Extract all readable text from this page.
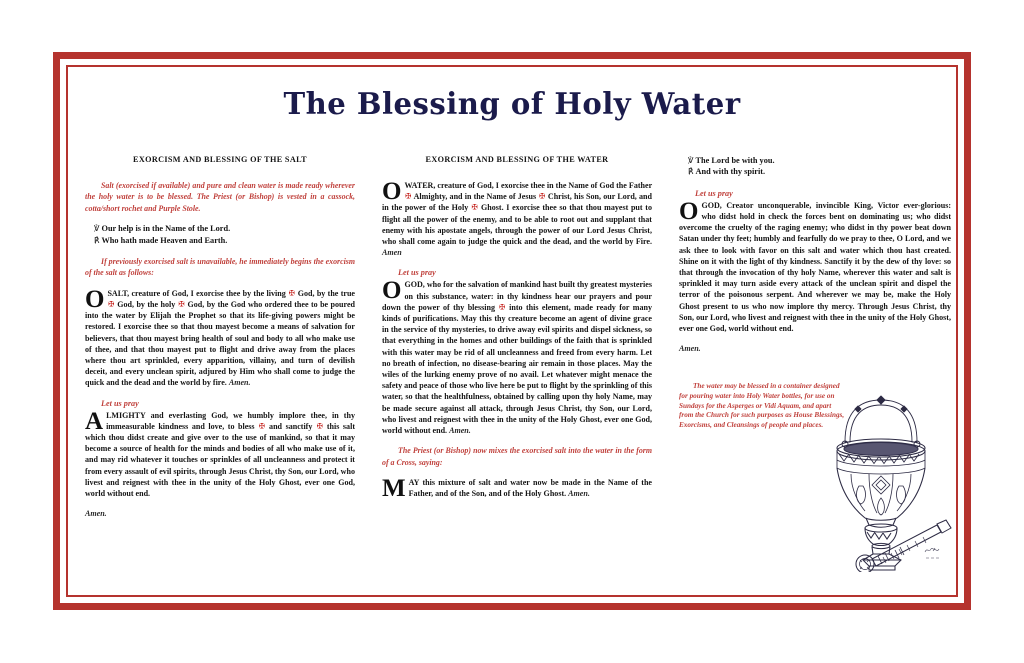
The Blessing of Holy Water
EXORCISM AND BLESSING OF THE SALT

Salt (exorcised if available) and pure and clean water is made ready wherever the holy water is to be blessed. The Priest (or Bishop) is vested in a cassock, cotta/short rochet and Purple Stole.

℣ Our help is in the Name of the Lord.
℟ Who hath made Heaven and Earth.

If previously exorcised salt is unavailable, he immediately begins the exorcism of the salt as follows:

OSALT, creature of God, I exorcise thee by the living ✠ God, by the true ✠ God, by the holy ✠ God, by the God who ordered thee to be poured into the water by Elijah the Prophet so that its life-giving powers might be restored. I exorcise thee so that thou mayest become a means of salvation for believers, that thou mayest bring health of soul and body to all who make use of thee, and that thou mayest put to flight and drive away from the places where thou art sprinkled, every apparition, villainy, and turn of devilish deceit, and every unclean spirit, adjured by Him who shall come to judge the quick and the dead and the world by fire. Amen.

Let us pray

ALMIGHTY and everlasting God, we humbly implore thee, in thy immeasurable kindness and love, to bless ✠ and sanctify ✠ this salt which thou didst create and give over to the use of mankind, so that it may become a source of health for the minds and bodies of all who make use of it, and may rid whatever it touches or sprinkles of all uncleanness and protect it from every assault of evil spirits, through Jesus Christ, thy Son, our Lord, who livest and reignest with thee in the unity of the Holy Ghost, ever one God, world without end.

Amen.
EXORCISM AND BLESSING OF THE WATER

OWATER, creature of God, I exorcise thee in the Name of God the Father ✠ Almighty, and in the Name of Jesus ✠ Christ, his Son, our Lord, and in the power of the Holy ✠ Ghost. I exorcise thee so that thou mayest put to flight all the power of the enemy, and to be able to root out and supplant that enemy with his apostate angels, through the power of our Lord Jesus Christ, who shall come again to judge the quick and the dead, and the world by Fire. Amen

Let us pray

OGOD, who for the salvation of mankind hast built thy greatest mysteries on this substance, water: in thy kindness hear our prayers and pour down the power of thy blessing ✠ into this element, made ready for many kinds of purifications. May this thy creature become an agent of divine grace in the service of thy mysteries, to drive away evil spirits and dispel sickness, so that everything in the homes and other buildings of the faith that is sprinkled with this water may be rid of all uncleanness and freed from every harm. Let no breath of infection, no disease-bearing air remain in those places. May the wiles of the lurking enemy prove of no avail. Let whatever might menace the safety and peace of those who live here be put to flight by the sprinkling of this water, so that the healthfulness, obtained by calling upon thy holy Name, may be made secure against all attack, through Jesus Christ, thy Son, our Lord, who livest and reignest with thee in the unity of the Holy Ghost, ever one God, world without end. Amen.

The Priest (or Bishop) now mixes the exorcised salt into the water in the form of a Cross, saying:

MAY this mixture of salt and water now be made in the Name of the Father, and of the Son, and of the Holy Ghost. Amen.

℣ The Lord be with you.
℟ And with thy spirit.
Let us pray

OGOD, Creator unconquerable, invincible King, Victor ever-glorious: who didst hold in check the forces bent on dominating us; who didst overcome the cruelty of the raging enemy; who didst in thy power beat down Satan under thy feet; humbly and fearfully do we pray to thee, O Lord, and we ask thee to look with favor on this salt and water which thou hast created. Shine on it with the light of thy kindness. Sanctify it by the dew of thy love: so that through the invocation of thy holy Name, wherever this water and salt is sprinkled it may turn aside every attack of the unclean spirit and dispel the terror of the poisonous serpent. And wherever we may be, make the Holy Ghost present to us who now implore thy mercy. Through Jesus Christ, thy Son, our Lord, who livest and reignest with thee in the unity of the Holy Ghost, ever one God, world without end.

Amen.

The water may be blessed in a container designed for pouring water into Holy Water bottles, for use on Sundays for the Asperges or Vidi Aquam, and apart from the Church for such purposes as House Blessings, Exorcisms, and Cleansings of people and places.
